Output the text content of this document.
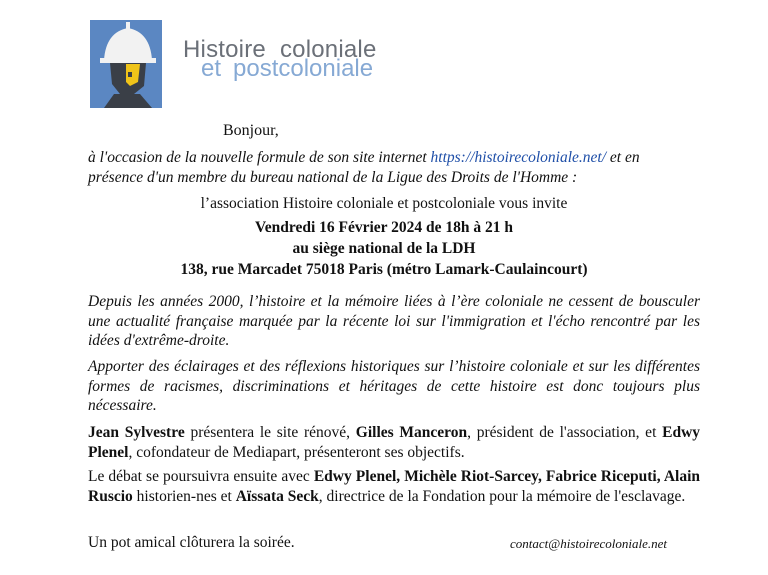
Histoire coloniale
et postcoloniale
Bonjour,
à l'occasion de la nouvelle formule de son site internet https://histoirecoloniale.net/ et en présence d'un membre du bureau national de la Ligue des Droits de l'Homme :
l’association Histoire coloniale et postcoloniale vous invite
Vendredi 16 Février 2024 de 18h à 21 h
au siège national de la LDH
138, rue Marcadet 75018 Paris (métro Lamark-Caulaincourt)
Depuis les années 2000, l’histoire et la mémoire liées à l’ère coloniale ne cessent de bousculer une actualité française marquée par la récente loi sur l'immigration et l'écho rencontré par les idées d'extrême-droite.
Apporter des éclairages et des réflexions historiques sur l’histoire coloniale et sur les différentes formes de racismes, discriminations et héritages de cette histoire est donc toujours plus nécessaire.
Jean Sylvestre présentera le site rénové, Gilles Manceron, président de l'association, et Edwy Plenel, cofondateur de Mediapart, présenteront ses objectifs.
Le débat se poursuivra ensuite avec Edwy Plenel, Michèle Riot-Sarcey, Fabrice Riceputi, Alain Ruscio historien-nes et Aïssata Seck, directrice de la Fondation pour la mémoire de l'esclavage.
Un pot amical clôturera la soirée.	contact@histoirecoloniale.net
